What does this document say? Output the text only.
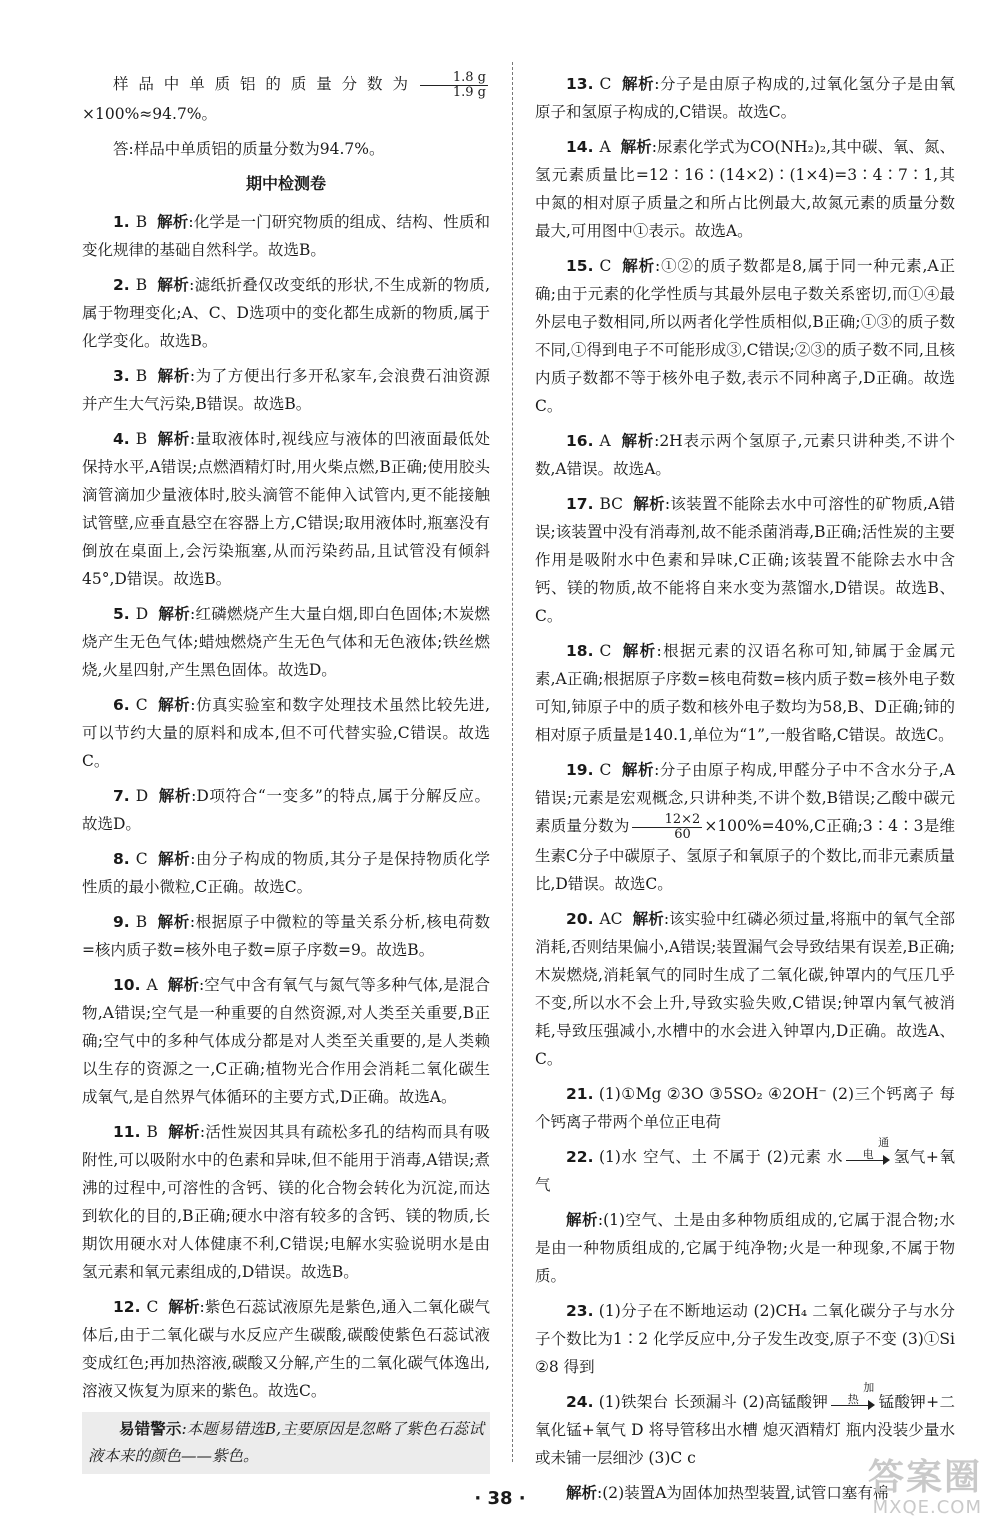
样品中单质铝的质量分数为 $\frac{1.8 g}{1.9 g}$
×100%≈94.7%。

答:样品中单质铝的质量分数为94.7%。

期中检测卷

1. B 解析:化学是一门研究物质的组成、结构、性质和变化规律的基础自然科学。故选B。

2. B 解析:滤纸折叠仅改变纸的形状,不生成新的物质,属于物理变化;A、C、D选项中的变化都生成新的物质,属于化学变化。故选B。

3. B 解析:为了方便出行多开私家车,会浪费石油资源并产生大气污染,B错误。故选B。

4. B 解析:量取液体时,视线应与液体的凹液面最低处保持水平,A错误;点燃酒精灯时,用火柴点燃,B正确;使用胶头滴管滴加少量液体时,胶头滴管不能伸入试管内,更不能接触试管壁,应垂直悬空在容器上方,C错误;取用液体时,瓶塞没有倒放在桌面上,会污染瓶塞,从而污染药品,且试管没有倾斜45°,D错误。故选B。

5. D 解析:红磷燃烧产生大量白烟,即白色固体;木炭燃烧产生无色气体;蜡烛燃烧产生无色气体和无色液体;铁丝燃烧,火星四射,产生黑色固体。故选D。

6. C 解析:仿真实验室和数字处理技术虽然比较先进,可以节约大量的原料和成本,但不可代替实验,C错误。故选C。

7. D 解析:D项符合“一变多”的特点,属于分解反应。故选D。

8. C 解析:由分子构成的物质,其分子是保持物质化学性质的最小微粒,C正确。故选C。

9. B 解析:根据原子中微粒的等量关系分析,核电荷数=核内质子数=核外电子数=原子序数=9。故选B。

10. A 解析:空气中含有氧气与氮气等多种气体,是混合物,A错误;空气是一种重要的自然资源,对人类至关重要,B正确;空气中的多种气体成分都是对人类至关重要的,是人类赖以生存的资源之一,C正确;植物光合作用会消耗二氧化碳生成氧气,是自然界气体循环的主要方式,D正确。故选A。

11. B 解析:活性炭因其具有疏松多孔的结构而具有吸附性,可以吸附水中的色素和异味,但不能用于消毒,A错误;煮沸的过程中,可溶性的含钙、镁的化合物会转化为沉淀,而达到软化的目的,B正确;硬水中溶有较多的含钙、镁的物质,长期饮用硬水对人体健康不利,C错误;电解水实验说明水是由氢元素和氧元素组成的,D错误。故选B。

12. C 解析:紫色石蕊试液原先是紫色,通入二氧化碳气体后,由于二氧化碳与水反应产生碳酸,碳酸使紫色石蕊试液变成红色;再加热溶液,碳酸又分解,产生的二氧化碳气体逸出,溶液又恢复为原来的紫色。故选C。

易错警示:本题易错选B,主要原因是忽略了紫色石蕊试液本来的颜色——紫色。

13. C 解析:分子是由原子构成的,过氧化氢分子是由氧原子和氢原子构成的,C错误。故选C。

14. A 解析:尿素化学式为CO(NH₂)₂,其中碳、氧、氮、氢元素质量比=12∶16∶(14×2)∶(1×4)=3∶4∶7∶1,其中氮的相对原子质量之和所占比例最大,故氮元素的质量分数最大,可用图中①表示。故选A。

15. C 解析:①②的质子数都是8,属于同一种元素,A正确;由于元素的化学性质与其最外层电子数关系密切,而①④最外层电子数相同,所以两者化学性质相似,B正确;①③的质子数不同,①得到电子不可能形成③,C错误;②③的质子数不同,且核内质子数都不等于核外电子数,表示不同种离子,D正确。故选C。

16. A 解析:2H表示两个氢原子,元素只讲种类,不讲个数,A错误。故选A。

17. BC 解析:该装置不能除去水中可溶性的矿物质,A错误;该装置中没有消毒剂,故不能杀菌消毒,B正确;活性炭的主要作用是吸附水中色素和异味,C正确;该装置不能除去水中含钙、镁的物质,故不能将自来水变为蒸馏水,D错误。故选B、C。

18. C 解析:根据元素的汉语名称可知,铈属于金属元素,A正确;根据原子序数=核电荷数=核内质子数=核外电子数可知,铈原子中的质子数和核外电子数均为58,B、D正确;铈的相对原子质量是140.1,单位为“1”,一般省略,C错误。故选C。

19. C 解析:分子由原子构成,甲醛分子中不含水分子,A错误;元素是宏观概念,只讲种类,不讲个数,B错误;乙酸中碳元素质量分数为 $\frac{12\times 2}{60} \times 100\%=40\%,C$正确;3∶4∶3是维生素C分子中碳原子、氢原子和氧原子的个数比,而非元素质量比,D错误。故选C。

20. AC 解析:该实验中红磷必须过量,将瓶中的氧气全部消耗,否则结果偏小,A错误;装置漏气会导致结果有误差,B正确;木炭燃烧,消耗氧气的同时生成了二氧化碳,钟罩内的气压几乎不变,所以水不会上升,导致实验失败,C错误;钟罩内氧气被消耗,导致压强减小,水槽中的水会进入钟罩内,D正确。故选A、C。

21. (1)①Mg ②3O ③5SO₂ ④2OH⁻ (2)三个钙离子 每个钙离子带两个单位正电荷

22. (1)水 空气、土 不属于 (2)元素 水
通电	氢气+氧气

解析:(1)空气、土是由多种物质组成的,它属于混合物;水是由一种物质组成的,它属于纯净物;火是一种现象,不属于物质。

23. (1)分子在不断地运动 (2)CH₄ 二氧化碳分子与水分子个数比为1∶2 化学反应中,分子发生改变,原子不变 (3)①Si ②8 得到

24. (1)铁架台 长颈漏斗 (2)高锰酸钾
加热	锰酸钾+二氧化锰+氧气 D 将导管移出水槽 熄灭酒精灯 瓶内没装少量水或未铺一层细沙 (3)C c

解析:(2)装置A为固体加热型装置,试管口塞有棉

· 38 ·
答案圈
MXQE.COM
